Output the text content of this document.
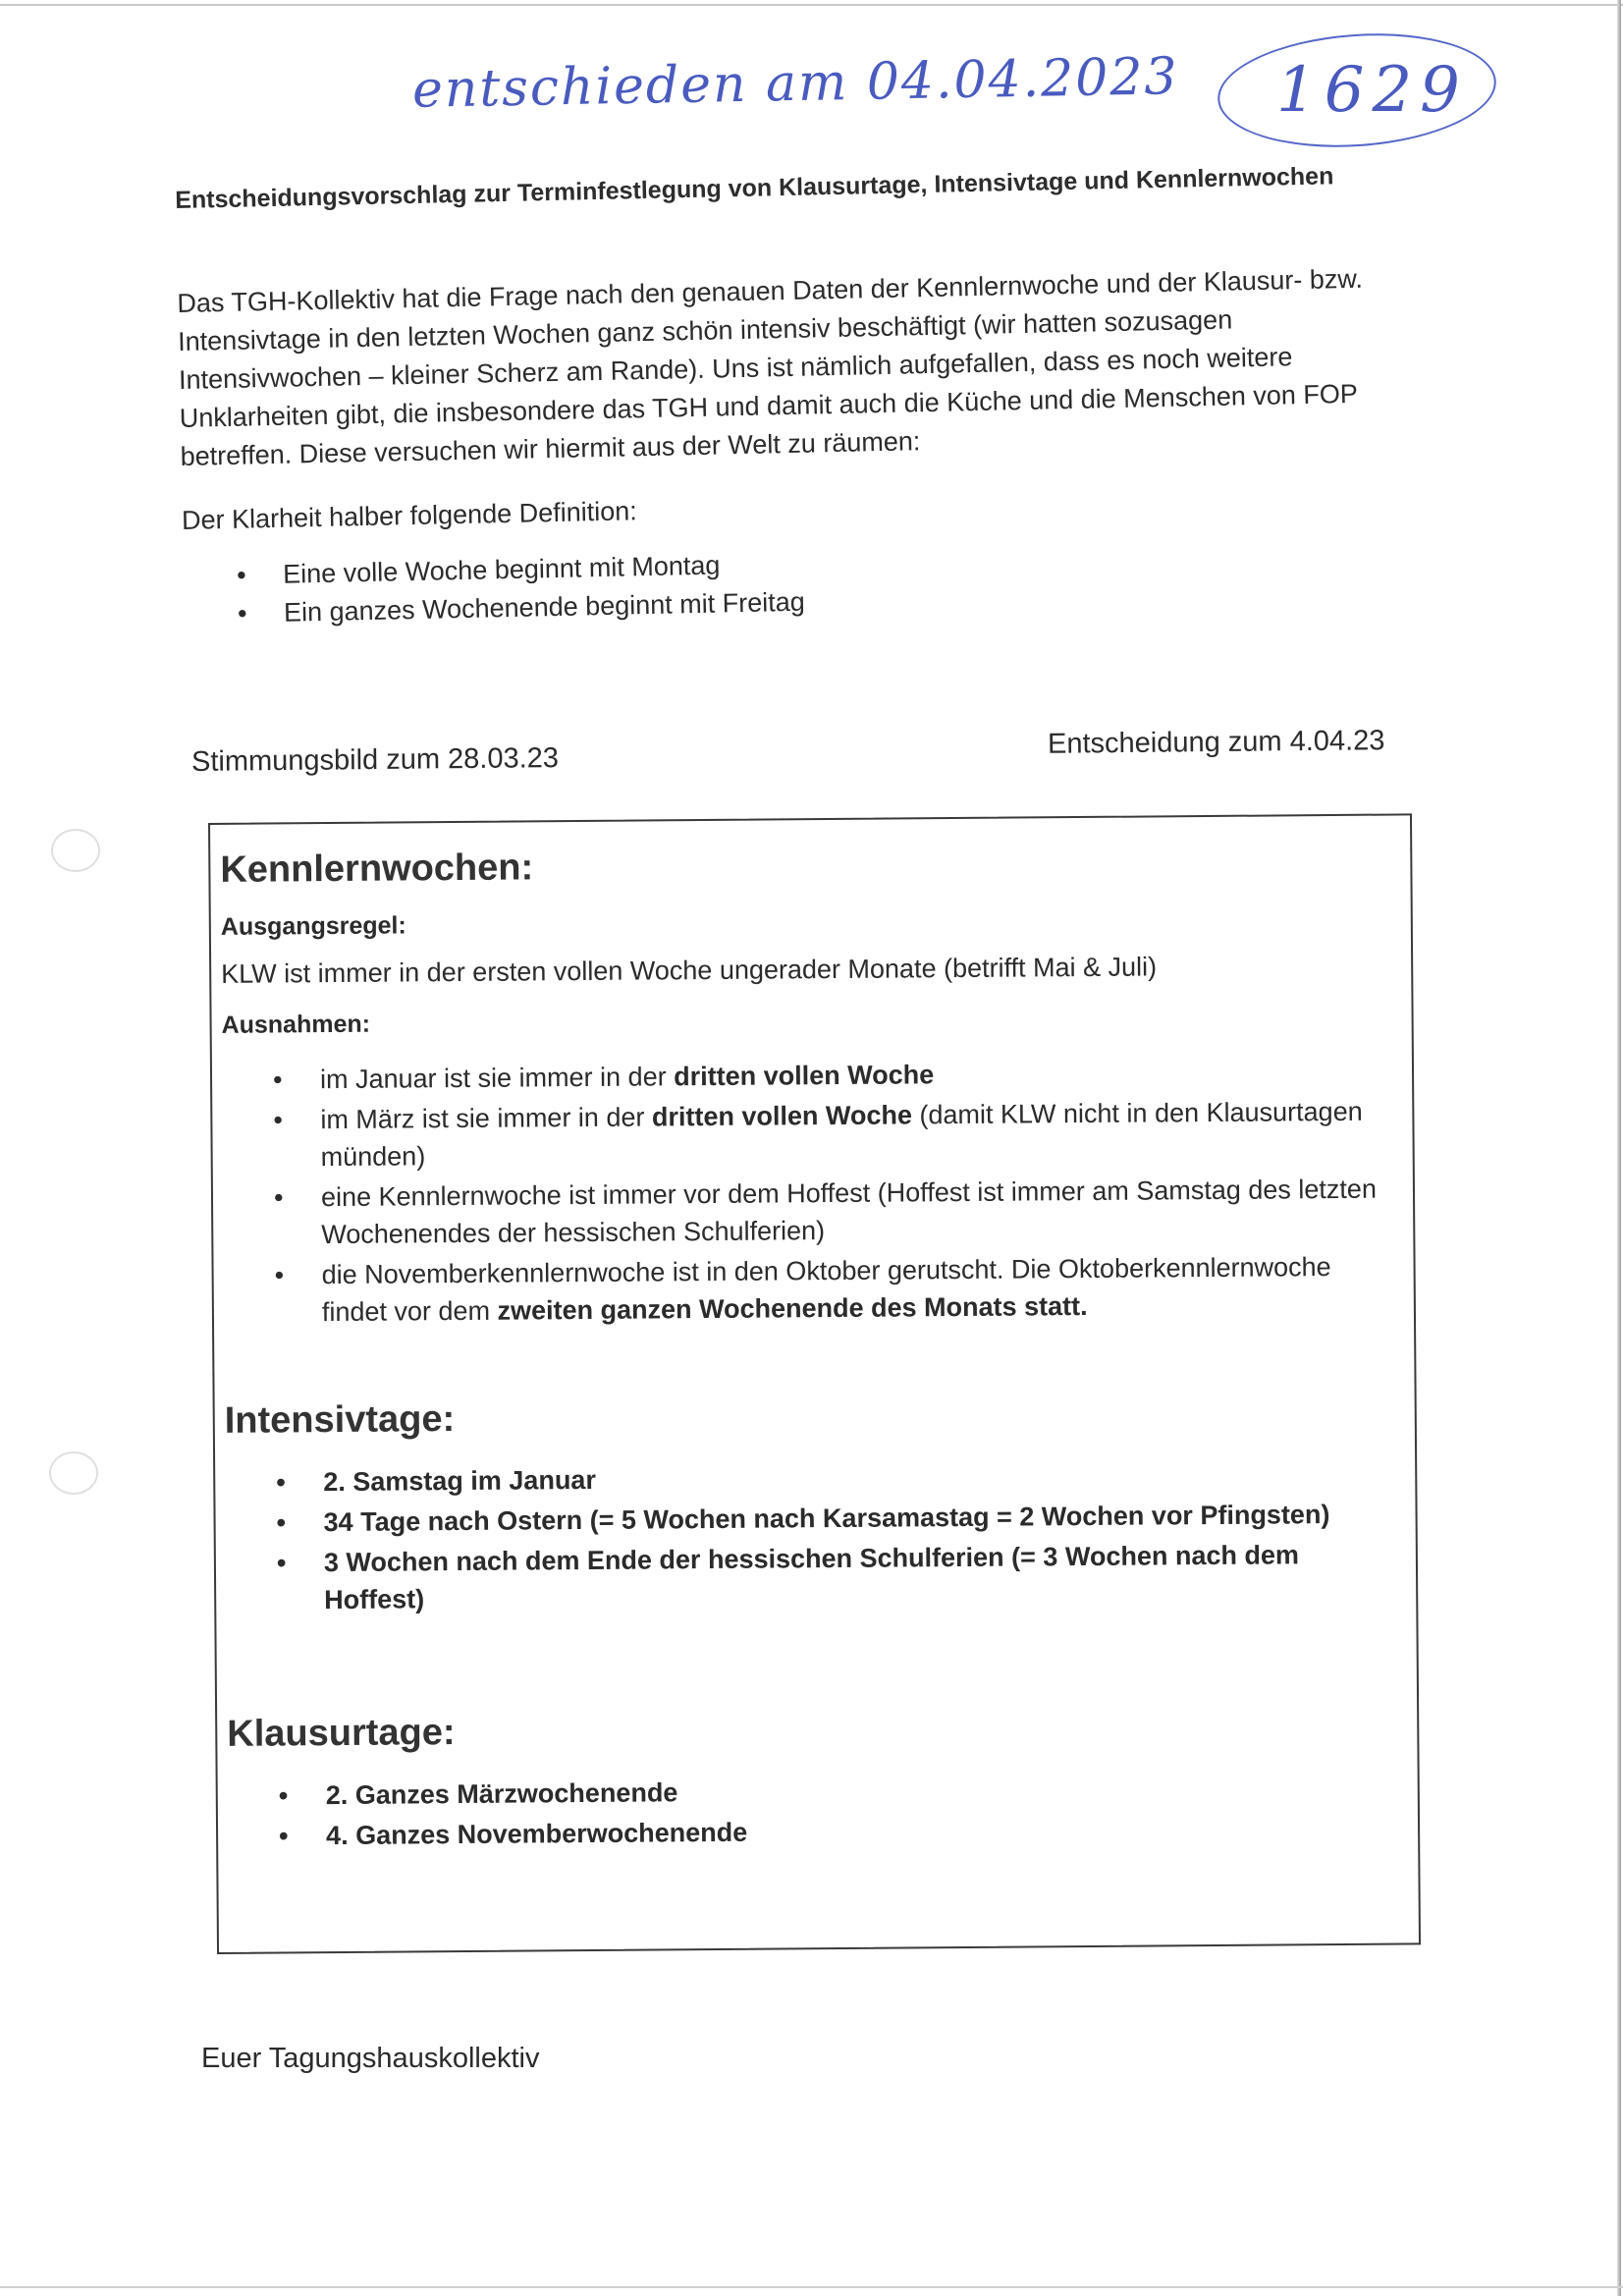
entschieden am 04.04.2023 1629
Entscheidungsvorschlag zur Terminfestlegung von Klausurtage, Intensivtage und Kennlernwochen

Das TGH-Kollektiv hat die Frage nach den genauen Daten der Kennlernwoche und der Klausur- bzw. Intensivtage in den letzten Wochen ganz schön intensiv beschäftigt (wir hatten sozusagen Intensivwochen – kleiner Scherz am Rande). Uns ist nämlich aufgefallen, dass es noch weitere Unklarheiten gibt, die insbesondere das TGH und damit auch die Küche und die Menschen von FOP betreffen. Diese versuchen wir hiermit aus der Welt zu räumen:

Der Klarheit halber folgende Definition:

• Eine volle Woche beginnt mit Montag
• Ein ganzes Wochenende beginnt mit Freitag
Stimmungsbild zum 28.03.23
Entscheidung zum 4.04.23
Kennlernwochen:

Ausgangsregel:

KLW ist immer in der ersten vollen Woche ungerader Monate (betrifft Mai & Juli)

Ausnahmen:

• im Januar ist sie immer in der dritten vollen Woche
• im März ist sie immer in der dritten vollen Woche (damit KLW nicht in den Klausurtagen münden)
• eine Kennlernwoche ist immer vor dem Hoffest (Hoffest ist immer am Samstag des letzten Wochenendes der hessischen Schulferien)
• die Novemberkennlernwoche ist in den Oktober gerutscht. Die Oktoberkennlernwoche findet vor dem zweiten ganzen Wochenende des Monats statt.
Intensivtage:
• 2. Samstag im Januar
• 34 Tage nach Ostern (= 5 Wochen nach Karsamastag = 2 Wochen vor Pfingsten)
• 3 Wochen nach dem Ende der hessischen Schulferien (= 3 Wochen nach dem Hoffest)
Klausurtage:
• 2. Ganzes Märzwochenende
• 4. Ganzes Novemberwochenende
Euer Tagungshauskollektiv
